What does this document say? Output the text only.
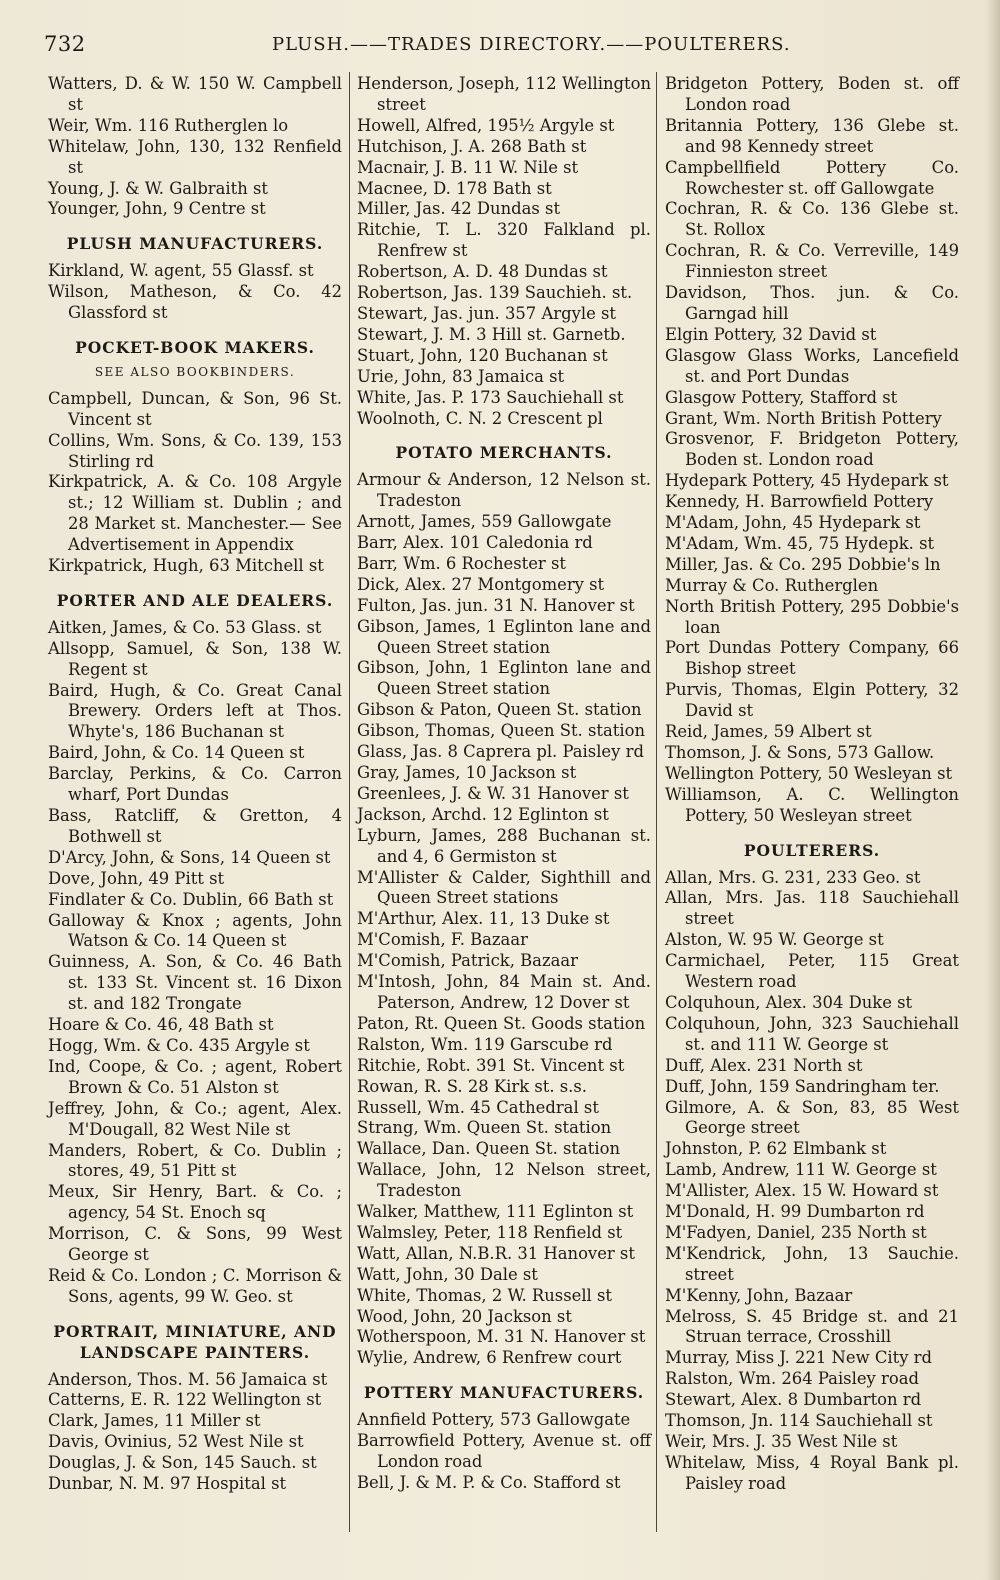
732	PLUSH.——TRADES DIRECTORY.——POULTERERS.
Watters, D. & W. 150 W. Campbell st
Weir, Wm. 116 Rutherglen lo
Whitelaw, John, 130, 132 Renfield st
Young, J. & W. Galbraith st
Younger, John, 9 Centre st
PLUSH MANUFACTURERS.
Kirkland, W. agent, 55 Glassf. st
Wilson, Matheson, & Co. 42 Glassford st
POCKET-BOOK MAKERS.
SEE ALSO BOOKBINDERS.
Campbell, Duncan, & Son, 96 St. Vincent st
Collins, Wm. Sons, & Co. 139, 153 Stirling rd
Kirkpatrick, A. & Co. 108 Argyle st.; 12 William st. Dublin ; and 28 Market st. Manchester.— See Advertisement in Appendix
Kirkpatrick, Hugh, 63 Mitchell st
PORTER AND ALE DEALERS.
Aitken, James, & Co. 53 Glass. st
Allsopp, Samuel, & Son, 138 W. Regent st
Baird, Hugh, & Co. Great Canal Brewery. Orders left at Thos. Whyte's, 186 Buchanan st
Baird, John, & Co. 14 Queen st
Barclay, Perkins, & Co. Carron wharf, Port Dundas
Bass, Ratcliff, & Gretton, 4 Bothwell st
D'Arcy, John, & Sons, 14 Queen st
Dove, John, 49 Pitt st
Findlater & Co. Dublin, 66 Bath st
Galloway & Knox ; agents, John Watson & Co. 14 Queen st
Guinness, A. Son, & Co. 46 Bath st. 133 St. Vincent st. 16 Dixon st. and 182 Trongate
Hoare & Co. 46, 48 Bath st
Hogg, Wm. & Co. 435 Argyle st
Ind, Coope, & Co. ; agent, Robert Brown & Co. 51 Alston st
Jeffrey, John, & Co.; agent, Alex. M'Dougall, 82 West Nile st
Manders, Robert, & Co. Dublin ; stores, 49, 51 Pitt st
Meux, Sir Henry, Bart. & Co. ; agency, 54 St. Enoch sq
Morrison, C. & Sons, 99 West George st
Reid & Co. London ; C. Morrison & Sons, agents, 99 W. Geo. st
PORTRAIT, MINIATURE, AND LANDSCAPE PAINTERS.
Anderson, Thos. M. 56 Jamaica st
Catterns, E. R. 122 Wellington st
Clark, James, 11 Miller st
Davis, Ovinius, 52 West Nile st
Douglas, J. & Son, 145 Sauch. st
Dunbar, N. M. 97 Hospital st
Henderson, Joseph, 112 Wellington street
Howell, Alfred, 195½ Argyle st
Hutchison, J. A. 268 Bath st
Macnair, J. B. 11 W. Nile st
Macnee, D. 178 Bath st
Miller, Jas. 42 Dundas st
Ritchie, T. L. 320 Falkland pl. Renfrew st
Robertson, A. D. 48 Dundas st
Robertson, Jas. 139 Sauchieh. st.
Stewart, Jas. jun. 357 Argyle st
Stewart, J. M. 3 Hill st. Garnetb.
Stuart, John, 120 Buchanan st
Urie, John, 83 Jamaica st
White, Jas. P. 173 Sauchiehall st
Woolnoth, C. N. 2 Crescent pl
POTATO MERCHANTS.
Armour & Anderson, 12 Nelson st. Tradeston
Arnott, James, 559 Gallowgate
Barr, Alex. 101 Caledonia rd
Barr, Wm. 6 Rochester st
Dick, Alex. 27 Montgomery st
Fulton, Jas. jun. 31 N. Hanover st
Gibson, James, 1 Eglinton lane and Queen Street station
Gibson, John, 1 Eglinton lane and Queen Street station
Gibson & Paton, Queen St. station
Gibson, Thomas, Queen St. station
Glass, Jas. 8 Caprera pl. Paisley rd
Gray, James, 10 Jackson st
Greenlees, J. & W. 31 Hanover st
Jackson, Archd. 12 Eglinton st
Lyburn, James, 288 Buchanan st. and 4, 6 Germiston st
M'Allister & Calder, Sighthill and Queen Street stations
M'Arthur, Alex. 11, 13 Duke st
M'Comish, F. Bazaar
M'Comish, Patrick, Bazaar
M'Intosh, John, 84 Main st. And. Paterson, Andrew, 12 Dover st
Paton, Rt. Queen St. Goods station
Ralston, Wm. 119 Garscube rd
Ritchie, Robt. 391 St. Vincent st
Rowan, R. S. 28 Kirk st. s.s.
Russell, Wm. 45 Cathedral st
Strang, Wm. Queen St. station
Wallace, Dan. Queen St. station
Wallace, John, 12 Nelson street, Tradeston
Walker, Matthew, 111 Eglinton st
Walmsley, Peter, 118 Renfield st
Watt, Allan, N.B.R. 31 Hanover st
Watt, John, 30 Dale st
White, Thomas, 2 W. Russell st
Wood, John, 20 Jackson st
Wotherspoon, M. 31 N. Hanover st
Wylie, Andrew, 6 Renfrew court
POTTERY MANUFACTURERS.
Annfield Pottery, 573 Gallowgate
Barrowfield Pottery, Avenue st. off London road
Bell, J. & M. P. & Co. Stafford st
Bridgeton Pottery, Boden st. off London road
Britannia Pottery, 136 Glebe st. and 98 Kennedy street
Campbellfield Pottery Co. Rowchester st. off Gallowgate
Cochran, R. & Co. 136 Glebe st. St. Rollox
Cochran, R. & Co. Verreville, 149 Finnieston street
Davidson, Thos. jun. & Co. Garngad hill
Elgin Pottery, 32 David st
Glasgow Glass Works, Lancefield st. and Port Dundas
Glasgow Pottery, Stafford st
Grant, Wm. North British Pottery
Grosvenor, F. Bridgeton Pottery, Boden st. London road
Hydepark Pottery, 45 Hydepark st
Kennedy, H. Barrowfield Pottery
M'Adam, John, 45 Hydepark st
M'Adam, Wm. 45, 75 Hydepk. st
Miller, Jas. & Co. 295 Dobbie's ln
Murray & Co. Rutherglen
North British Pottery, 295 Dobbie's loan
Port Dundas Pottery Company, 66 Bishop street
Purvis, Thomas, Elgin Pottery, 32 David st
Reid, James, 59 Albert st
Thomson, J. & Sons, 573 Gallow.
Wellington Pottery, 50 Wesleyan st
Williamson, A. C. Wellington Pottery, 50 Wesleyan street
POULTERERS.
Allan, Mrs. G. 231, 233 Geo. st
Allan, Mrs. Jas. 118 Sauchiehall street
Alston, W. 95 W. George st
Carmichael, Peter, 115 Great Western road
Colquhoun, Alex. 304 Duke st
Colquhoun, John, 323 Sauchiehall st. and 111 W. George st
Duff, Alex. 231 North st
Duff, John, 159 Sandringham ter.
Gilmore, A. & Son, 83, 85 West George street
Johnston, P. 62 Elmbank st
Lamb, Andrew, 111 W. George st
M'Allister, Alex. 15 W. Howard st
M'Donald, H. 99 Dumbarton rd
M'Fadyen, Daniel, 235 North st
M'Kendrick, John, 13 Sauchie. street
M'Kenny, John, Bazaar
Melross, S. 45 Bridge st. and 21 Struan terrace, Crosshill
Murray, Miss J. 221 New City rd
Ralston, Wm. 264 Paisley road
Stewart, Alex. 8 Dumbarton rd
Thomson, Jn. 114 Sauchiehall st
Weir, Mrs. J. 35 West Nile st
Whitelaw, Miss, 4 Royal Bank pl. Paisley road
